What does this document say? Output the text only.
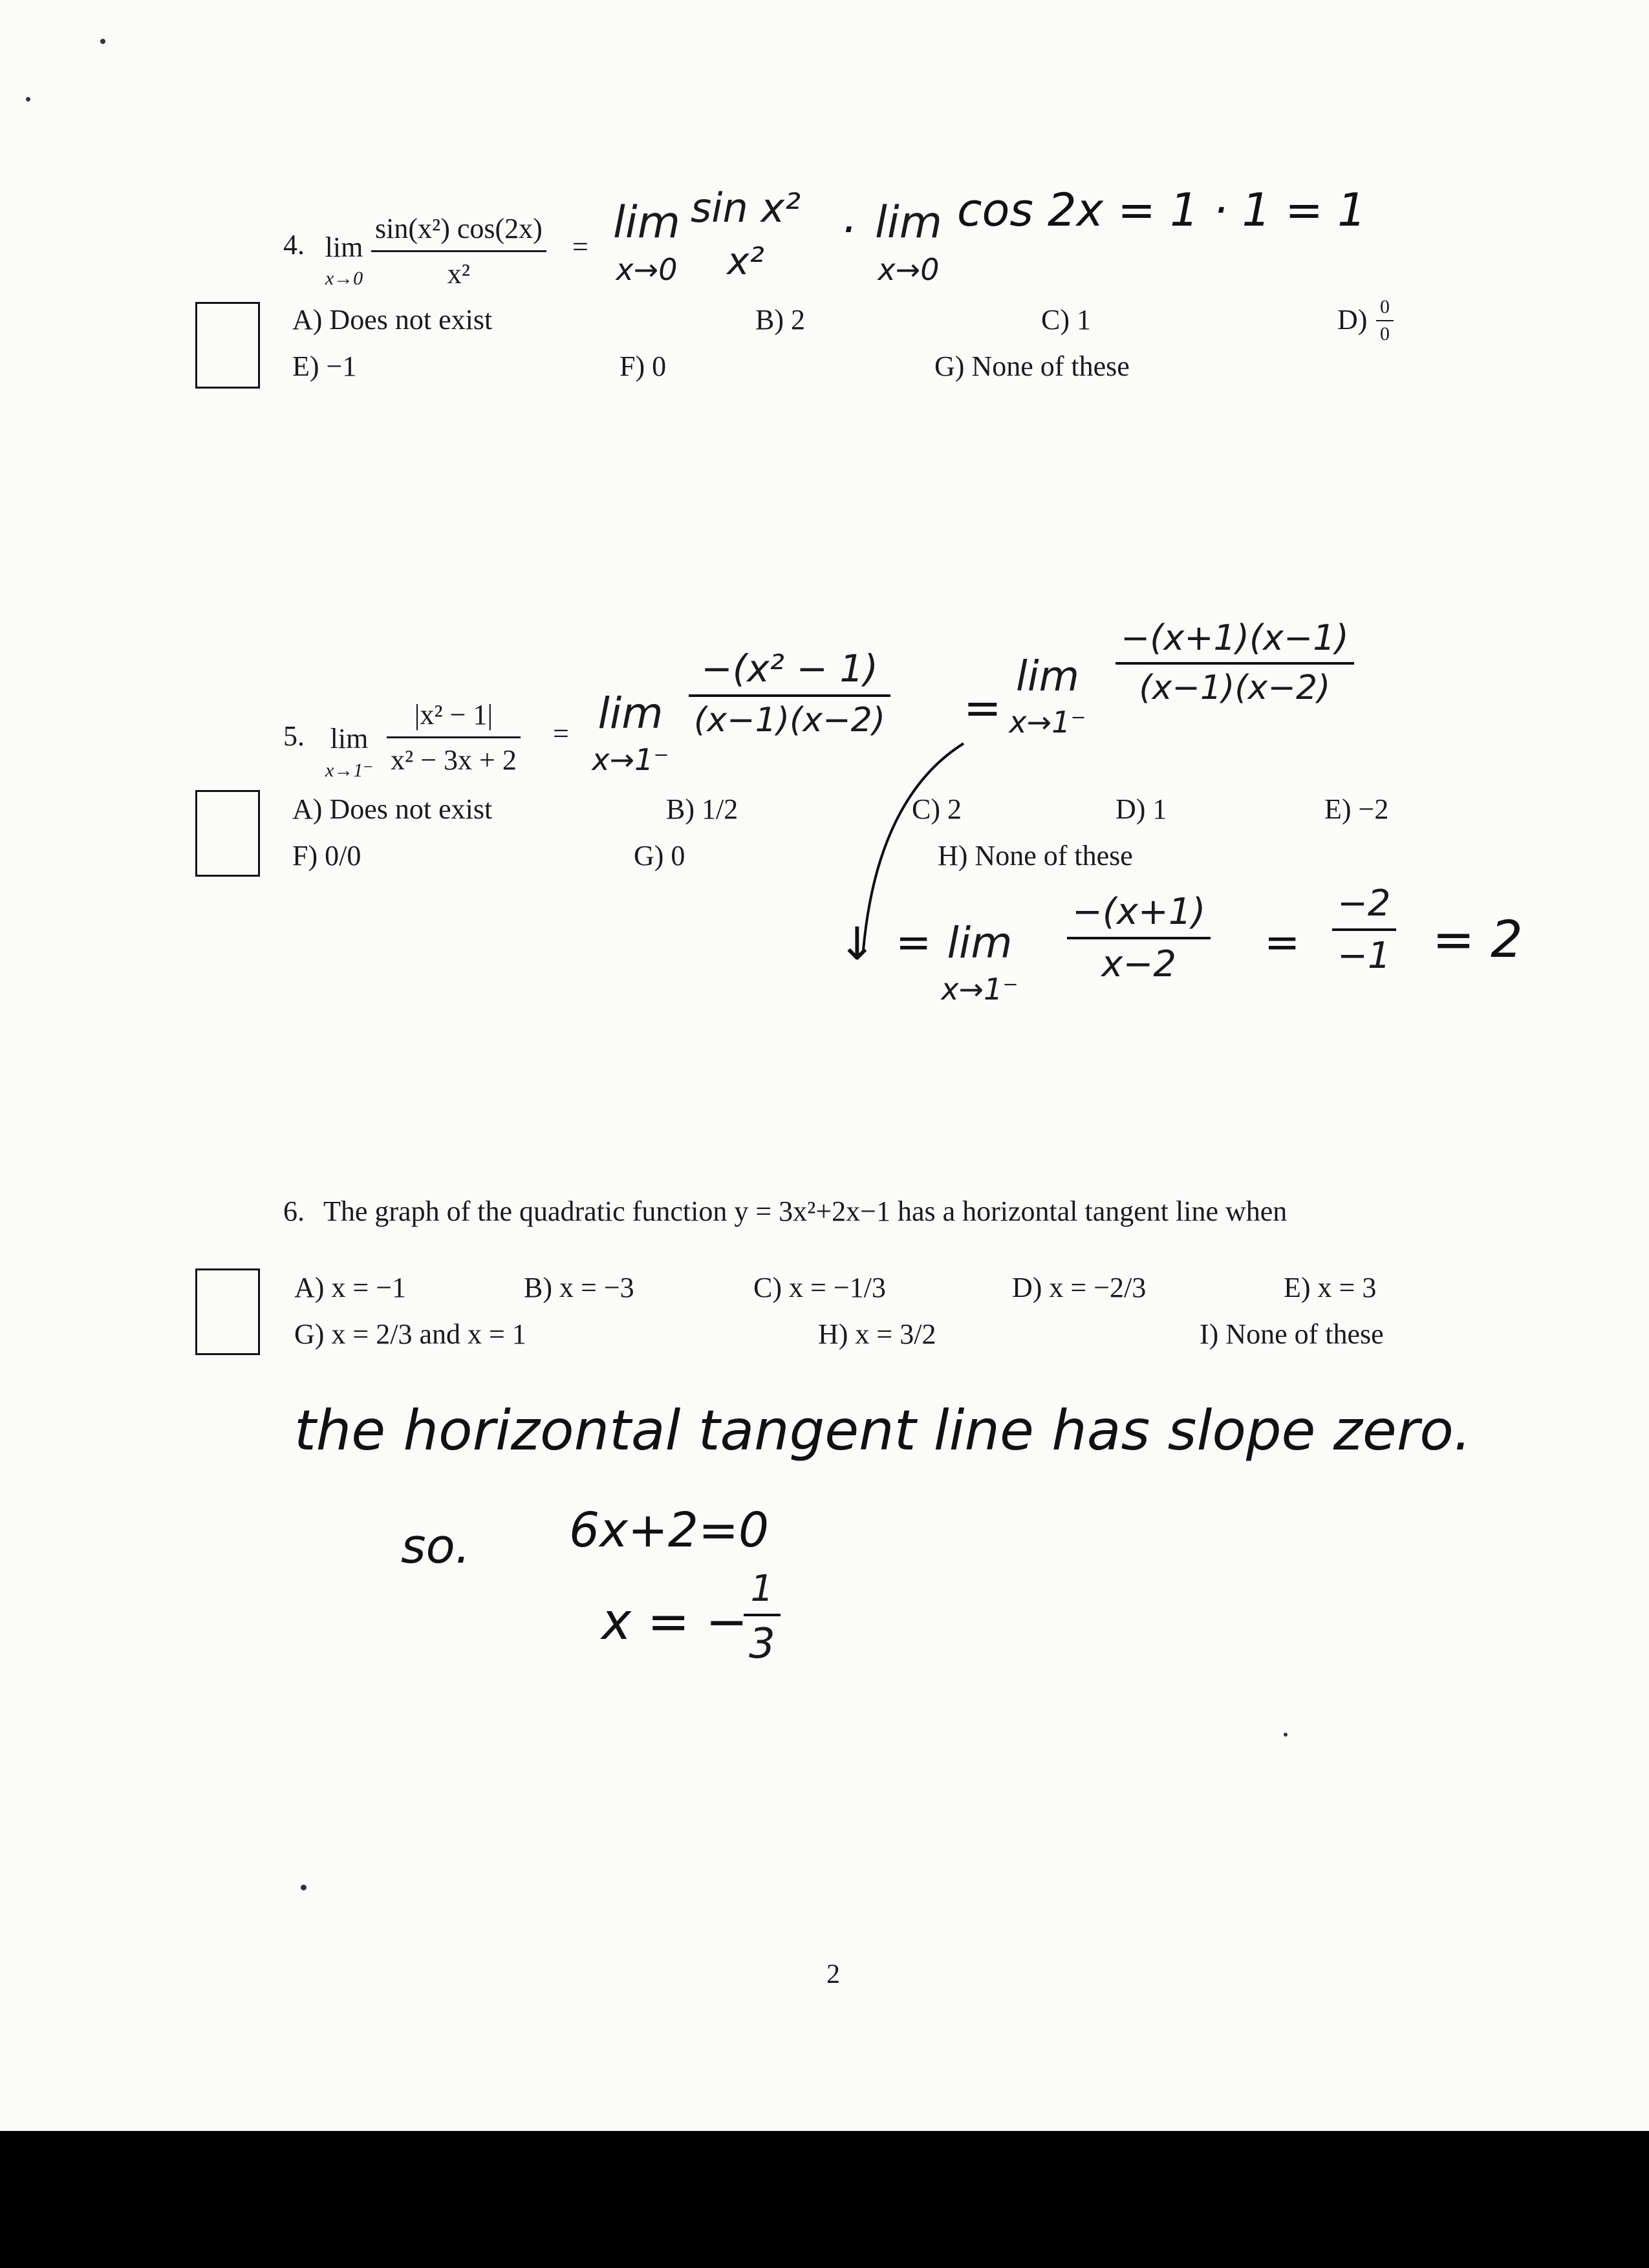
4. lim
$x\to 0 \frac{\text{sin(x²) cos(2x)}}{\text{x²}} = \lim$
x→0
sin x²
x²
· lim
x→0
cos 2x = 1 · 1 = 1
A) Does not exist	B) 2	C) 1	$D) \frac{0}{0}$
E) −1	F) 0	G) None of these
5. lim
$x\to 1^- \frac{\text{|x² − 1|}}{\text{x² − 3x + 2}} = \lim$
x→1⁻
$\frac{\text{−(x² − 1)}}{(x-1)(x-2)}$ =
lim
x→1⁻
$\frac{-(x+1)(x-1)}{(x-1)(x-2)}$
A) Does not exist	B) 1/2	C) 2	D) 1	E) −2
F) 0/0	G) 0	H) None of these
↓ = lim
x→1⁻
$\frac{-(x+1)}{x-2} = \frac{-2}{-1} = 2$
6. The graph of the quadratic function y = 3x²+2x−1 has a horizontal tangent line when
A) x = −1	B) x = −3	C) x = −1/3	D) x = −2/3	E) x = 3
G) x = 2/3 and x = 1	H) x = 3/2	I) None of these
the horizontal tangent line has slope zero.
so. 6x+2=0
x = −
$\frac{1}{3}$
2
